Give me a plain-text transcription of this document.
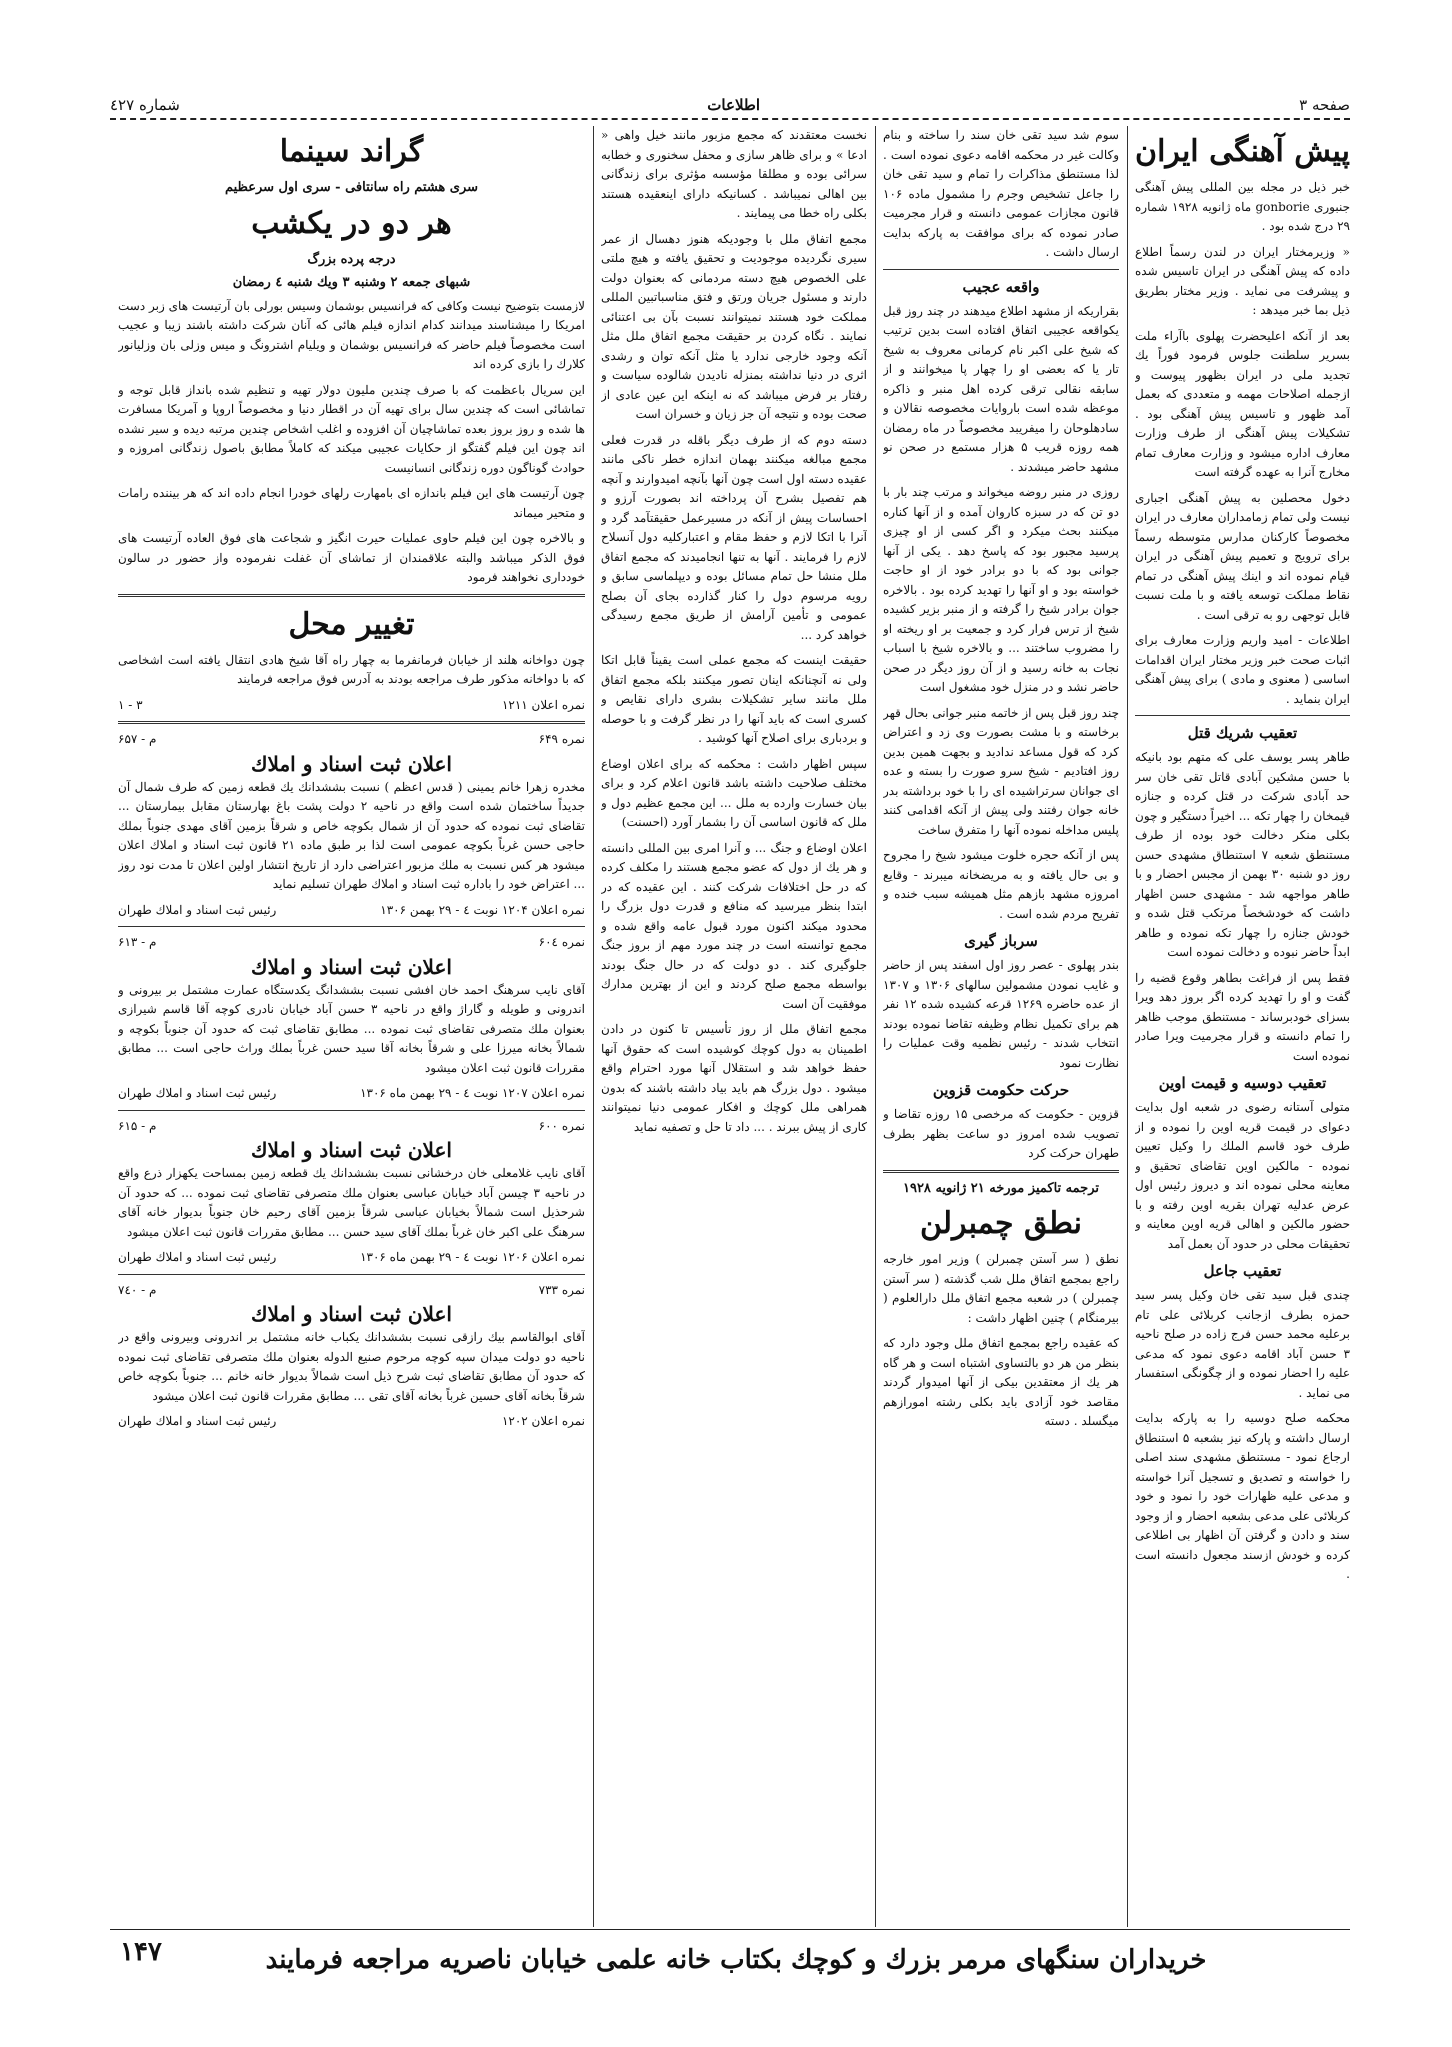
صفحه ۳
اطلاعات
شماره ٤٢٧
پیش آهنگی ایران

خبر ذیل در مجله بین المللی پیش آهنگی جنبوری gonborie ماه ژانویه ۱۹۲۸ شماره ۲۹ درج شده بود .

« وزیرمختار ایران در لندن رسماً اطلاع داده که پیش آهنگی در ایران تاسیس شده و پیشرفت می نماید . وزیر مختار بطریق ذیل بما خبر میدهد :

بعد از آنکه اعلیحضرت پهلوی باآراء ملت بسریر سلطنت جلوس فرمود فوراً یك تجدید ملی در ایران بظهور پیوست و ازجمله اصلاحات مهمه و متعددی که بعمل آمد ظهور و تاسیس پیش آهنگی بود . تشکیلات پیش آهنگی از طرف وزارت معارف اداره میشود و وزارت معارف تمام مخارج آنرا به عهده گرفته است

دخول محصلین به پیش آهنگی اجباری نیست ولی تمام زمامداران معارف در ایران مخصوصاً کارکنان مدارس متوسطه رسماً برای ترویج و تعمیم پیش آهنگی در ایران قیام نموده اند و اینك پیش آهنگی در تمام نقاط مملکت توسعه یافته و با ملت نسبت قابل توجهی رو به ترقی است .

اطلاعات - امید واریم وزارت معارف برای اثبات صحت خبر وزیر مختار ایران اقدامات اساسی ( معنوی و مادی ) برای پیش آهنگی ایران بنماید .

تعقیب شریك قتل

طاهر پسر یوسف علی که متهم بود بانیکه با حسن مشکین آبادی قاتل تقی خان سر حد آبادی شرکت در قتل کرده و جنازه قیمخان را چهار تکه ... اخیراً دستگیر و چون بکلی منکر دخالت خود بوده از طرف مستنطق شعبه ۷ استنطاق مشهدی حسن روز دو شنبه ۳۰ بهمن از مجبس احضار و با طاهر مواجهه شد - مشهدی حسن اظهار داشت که خودشخصاً مرتکب قتل شده و خودش جنازه را چهار تکه نموده و طاهر ابداً حاضر نبوده و دخالت نموده است

فقط پس از فراغت بطاهر وقوع قضیه را گفت و او را تهدید کرده اگر بروز دهد ویرا بسزای خودبرساند - مستنطق موجب ظاهر را تمام دانسته و قرار مجرمیت ویرا صادر نموده است

تعقیب دوسیه و قیمت اوین

متولی آستانه رضوی در شعبه اول بدایت دعوای در قیمت قریه اوین را نموده و از طرف خود قاسم الملك را وکیل تعیین نموده - مالکین اوین تقاضای تحقیق و معاینه محلی نموده اند و دیروز رئیس اول عرض عدلیه تهران بقریه اوین رفته و با حضور مالکین و اهالی قریه اوین معاینه و تحقیقات محلی در حدود آن بعمل آمد

تعقیب جاعل

چندی قبل سید تقی خان وکیل پسر سید حمزه بطرف ازجانب کربلائی علی تام برعلیه محمد حسن فرج زاده در صلح ناحیه ۳ حسن آباد اقامه دعوی نمود که مدعی علیه را احضار نموده و از چگونگی استفسار می نماید .

محکمه صلح دوسیه را به پارکه بدایت ارسال داشته و پارکه نیز بشعبه ۵ استنطاق ارجاع نمود - مستنطق مشهدی سند اصلی را خواسته و تصدیق و تسجیل آنرا خواسته و مدعی علیه ظهارات خود را نمود و خود کربلائی علی مدعی بشعبه احضار و از وجود سند و دادن و گرفتن آن اظهار بی اطلاعی کرده و خودش ازسند مجعول دانسته است .

سوم شد سید تقی خان سند را ساخته و بنام وکالت غیر در محکمه اقامه دعوی نموده است . لذا مستنطق مذاکرات را تمام و سید تقی خان را جاعل تشخیص وجرم را مشمول ماده ۱۰۶ قانون مجازات عمومی دانسته و قرار مجرمیت صادر نموده که برای موافقت به پارکه بدایت ارسال داشت .

واقعه عجیب

بقراریکه از مشهد اطلاع میدهند در چند روز قبل یکواقعه عجیبی اتفاق افتاده است بدین ترتیب که شیخ علی اکبر نام کرمانی معروف به شیخ تار یا که بعضی او را چهار پا میخوانند و از سابقه نقالی ترقی کرده اهل منبر و ذاکره موعظه شده است باروایات مخصوصه نقالان و سادهلوحان را میفریبد مخصوصاً در ماه رمضان همه روزه قریب ۵ هزار مستمع در صحن نو مشهد حاضر میشدند .

روزی در منبر روضه میخواند و مرتب چند بار با دو تن که در سبزه کاروان آمده و از آنها کناره میکنند بحث میکرد و اگر کسی از او چیزی پرسید مجبور بود که پاسخ دهد . یکی از آنها جوانی بود که با دو برادر خود از او حاجت خواسته بود و او آنها را تهدید کرده بود . بالاخره جوان برادر شیخ را گرفته و از منبر بزیر کشیده شیخ از ترس فرار کرد و جمعیت بر او ریخته او را مضروب ساختند ... و بالاخره شیخ با اسباب نجات به خانه رسید و از آن روز دیگر در صحن حاضر نشد و در منزل خود مشغول است

چند روز قبل پس از خاتمه منبر جوانی بحال قهر برخاسته و با مشت بصورت وی زد و اعتراض کرد که قول مساعد ندادید و بجهت همین بدین روز افتادیم - شیخ سرو صورت را بسته و عده ای جوانان سرتراشیده ای را با خود برداشته بدر خانه جوان رفتند ولی پیش از آنکه اقدامی کنند پلیس مداخله نموده آنها را متفرق ساخت

پس از آنکه حجره خلوت میشود شیخ را مجروح و بی حال یافته و به مریضخانه میبرند - وقایع امروزه مشهد بازهم مثل همیشه سبب خنده و تفریح مردم شده است .

سرباز گیری

بندر پهلوی - عصر روز اول اسفند پس از حاضر و غایب نمودن مشمولین سالهای ۱۳۰۶ و ۱۳۰۷ از عده حاضره ۱۲۶۹ قرعه کشیده شده ۱۲ نفر هم برای تکمیل نظام وظیفه تقاضا نموده بودند انتخاب شدند - رئیس نظمیه وقت عملیات را نظارت نمود

حرکت حکومت قزوین

قزوین - حکومت که مرخصی ۱۵ روزه تقاضا و تصویب شده امروز دو ساعت بظهر بطرف طهران حرکت کرد

ترجمه تاکمیز مورخه ۲۱ ژانویه ۱۹۲۸
نطق چمبرلن

نطق ( سر آستن چمبرلن ) وزیر امور خارجه راجع بمجمع اتفاق ملل شب گذشته ( سر آستن چمبرلن ) در شعبه مجمع اتفاق ملل دارالعلوم ( بیرمنگام ) چنین اظهار داشت :

که عقیده راجع بمجمع اتفاق ملل وجود دارد که بنظر من هر دو بالتساوی اشتباه است و هر گاه هر یك از معتقدین بیکی از آنها امیدوار گردند مقاصد خود آزادی باید بکلی رشته امورازهم میگسلد . دسته

نخست معتقدند که مجمع مزبور مانند خیل واهی « ادعا » و برای ظاهر سازی و محفل سخنوری و خطابه سرائی بوده و مطلقا مؤسسه مؤثری برای زندگانی بین اهالی نمیباشد . کسانیکه دارای اینعقیده هستند بکلی راه خطا می پیمایند .

مجمع اتفاق ملل با وجودیکه هنوز دهسال از عمر سیری نگردیده موجودیت و تحقیق یافته و هیچ ملتی علی الخصوص هیچ دسته مردمانی که بعنوان دولت دارند و مسئول جریان ورتق و فتق مناسباتبین المللی مملکت خود هستند نمیتوانند نسبت بآن بی اعتنائی نمایند . نگاه کردن بر حقیقت مجمع اتفاق ملل مثل آنکه وجود خارجی ندارد یا مثل آنکه توان و رشدی اثری در دنیا نداشته بمنزله نادیدن شالوده سیاست و رفتار بر فرض میباشد که نه اینکه این عین عادی از صحت بوده و نتیجه آن جز زیان و خسران است

دسته دوم که از طرف دیگر باقله در قدرت فعلی مجمع مبالغه میکنند بهمان اندازه خطر ناکی مانند عقیده دسته اول است چون آنها بآنچه امیدوارند و آنچه هم تفصیل بشرح آن پرداخته اند بصورت آرزو و احساسات پیش از آنکه در مسیرعمل حقیقتآمد گرد و آنرا با اتکا لازم و حفظ مقام و اعتبارکلیه دول آنسلاح لازم را فرمایند . آنها به تنها انجامیدند که مجمع اتفاق ملل منشا حل تمام مسائل بوده و دیپلماسی سابق و رویه مرسوم دول را کنار گذارده بجای آن بصلح عمومی و تأمین آرامش از طریق مجمع رسیدگی خواهد کرد ...

حقیقت اینست که مجمع عملی است یقیناً قابل اتکا ولی نه آنچنانکه اینان تصور میکنند بلکه مجمع اتفاق ملل مانند سایر تشکیلات بشری دارای نقایص و کسری است که باید آنها را در نظر گرفت و با حوصله و بردباری برای اصلاح آنها کوشید .

سپس اظهار داشت : محکمه که برای اعلان اوضاع مختلف صلاحیت داشته باشد قانون اعلام کرد و برای بیان خسارت وارده به ملل ... این مجمع عظیم دول و ملل که قانون اساسی آن را بشمار آورد (احسنت)

اعلان اوضاع و جنگ ... و آنرا امری بین المللی دانسته و هر یك از دول که عضو مجمع هستند را مکلف کرده که در حل اختلافات شرکت کنند . این عقیده که در ابتدا بنظر میرسید که منافع و قدرت دول بزرگ را محدود میکند اکنون مورد قبول عامه واقع شده و مجمع توانسته است در چند مورد مهم از بروز جنگ جلوگیری کند . دو دولت که در حال جنگ بودند بواسطه مجمع صلح کردند و این از بهترین مدارك موفقیت آن است

مجمع اتفاق ملل از روز تأسیس تا کنون در دادن اطمینان به دول کوچك کوشیده است که حقوق آنها حفظ خواهد شد و استقلال آنها مورد احترام واقع میشود . دول بزرگ هم باید بیاد داشته باشند که بدون همراهی ملل کوچك و افکار عمومی دنیا نمیتوانند کاری از پیش ببرند . ... داد تا حل و تصفیه نماید

گراند سینما
سری هشتم راه سانتافی - سری اول سرعظیم
هر دو در یکشب
درجه پرده بزرگ
شبهای جمعه ۲ وشنبه ۳ ویك شنبه ٤ رمضان

لازمست بتوضیح نیست وکافی که فرانسیس بوشمان وسیس بورلی بان آرتیست های زبر دست امریکا را میشناسند میدانند کدام اندازه فیلم هائی که آنان شرکت داشته باشند زیبا و عجیب است مخصوصاً فیلم حاضر که فرانسیس بوشمان و ویلیام اشترونگ و میس وزلی بان وزلیانور کلارك را بازی کرده اند

این سریال باعظمت که با صرف چندین ملیون دولار تهیه و تنظیم شده بانداز قابل توجه و تماشائی است که چندین سال برای تهیه آن در اقطار دنیا و مخصوصاً اروپا و آمریکا مسافرت ها شده و روز بروز بعده تماشاچیان آن افزوده و اغلب اشخاص چندین مرتبه دیده و سیر نشده اند چون این فیلم گفتگو از حکایات عجیبی میکند که کاملاً مطابق باصول زندگانی امروزه و حوادث گوناگون دوره زندگانی انسانیست

چون آرتیست های این فیلم باندازه ای بامهارت رلهای خودرا انجام داده اند که هر بیننده رامات و متحیر میماند

و بالاخره چون این فیلم حاوی عملیات حیرت انگیز و شجاعت های فوق العاده آرتیست های فوق الذکر میباشد والبته علاقمندان از تماشای آن غفلت نفرموده واز حضور در سالون خودداری نخواهند فرمود

تغییر محل

چون دواخانه هلند از خیابان فرمانفرما به چهار راه آقا شیخ هادی انتقال یافته است اشخاصی که با دواخانه مذکور طرف مراجعه بودند به آدرس فوق مراجعه فرمایند

نمره اعلان ۱۲۱۱
۳ - ۱
نمره ۶۴۹
م - ۶۵۷
اعلان ثبت اسناد و املاك

مخدره زهرا خانم یمینی ( قدس اعظم ) نسبت بششدانك یك قطعه زمین که طرف شمال آن جدیداً ساختمان شده است واقع در ناحیه ۲ دولت پشت باغ بهارستان مقابل بیمارستان ... تقاضای ثبت نموده که حدود آن از شمال بکوچه خاص و شرقاً بزمین آقای مهدی جنوباً بملك حاجی حسن غرباً بکوچه عمومی است لذا بر طبق ماده ۲۱ قانون ثبت اسناد و املاك اعلان میشود هر کس نسبت به ملك مزبور اعتراضی دارد از تاریخ انتشار اولین اعلان تا مدت نود روز ... اعتراض خود را باداره ثبت اسناد و املاك طهران تسلیم نماید

نمره اعلان ۱۲۰۴ نوبت ٤ - ۲۹ بهمن ۱۳۰۶
رئیس ثبت اسناد و املاك طهران
نمره ۶۰٤
م - ۶۱۳
اعلان ثبت اسناد و املاك

آقای نایب سرهنگ احمد خان افشی نسبت بششدانگ یکدستگاه عمارت مشتمل بر بیرونی و اندرونی و طویله و گاراژ واقع در ناحیه ۳ حسن آباد خیابان نادری کوچه آقا قاسم شیرازی بعنوان ملك متصرفی تقاضای ثبت نموده ... مطابق تقاضای ثبت که حدود آن جنوباً بکوچه و شمالاً بخانه میرزا علی و شرقاً بخانه آقا سید حسن غرباً بملك وراث حاجی است ... مطابق مقررات قانون ثبت اعلان میشود

نمره اعلان ۱۲۰۷ نوبت ٤ - ۲۹ بهمن ماه ۱۳۰۶
رئیس ثبت اسناد و املاك طهران
نمره ۶۰۰
م - ۶۱۵
اعلان ثبت اسناد و املاك

آقای نایب غلامعلی خان درخشانی نسبت بششدانك یك قطعه زمین بمساحت یکهزار ذرع واقع در ناحیه ۳ چیسن آباد خیابان عباسی بعنوان ملك متصرفی تقاضای ثبت نموده ... که حدود آن شرحذیل است شمالاً بخیابان عباسی شرقاً بزمین آقای رحیم خان جنوباً بدیوار خانه آقای سرهنگ علی اکبر خان غرباً بملك آقای سید حسن ... مطابق مقررات قانون ثبت اعلان میشود

نمره اعلان ۱۲۰۶ نوبت ٤ - ۲۹ بهمن ماه ۱۳۰۶
رئیس ثبت اسناد و املاك طهران
نمره ۷۳۳
م - ۷٤۰
اعلان ثبت اسناد و املاك

آقای ابوالقاسم بیك رازقی نسبت بششدانك یکباب خانه مشتمل بر اندرونی وبیرونی واقع در ناحیه دو دولت میدان سپه کوچه مرحوم صنیع الدوله بعنوان ملك متصرفی تقاضای ثبت نموده که حدود آن مطابق تقاضای ثبت شرح ذیل است شمالاً بدیوار خانه خانم ... جنوباً بکوچه خاص شرقاً بخانه آقای حسین غرباً بخانه آقای تقی ... مطابق مقررات قانون ثبت اعلان میشود

نمره اعلان ۱۲۰۲
رئیس ثبت اسناد و املاك طهران
خریداران سنگهای مرمر بزرك و كوچك بکتاب خانه علمی خیابان ناصریه مراجعه فرمایند
۱۴۷
